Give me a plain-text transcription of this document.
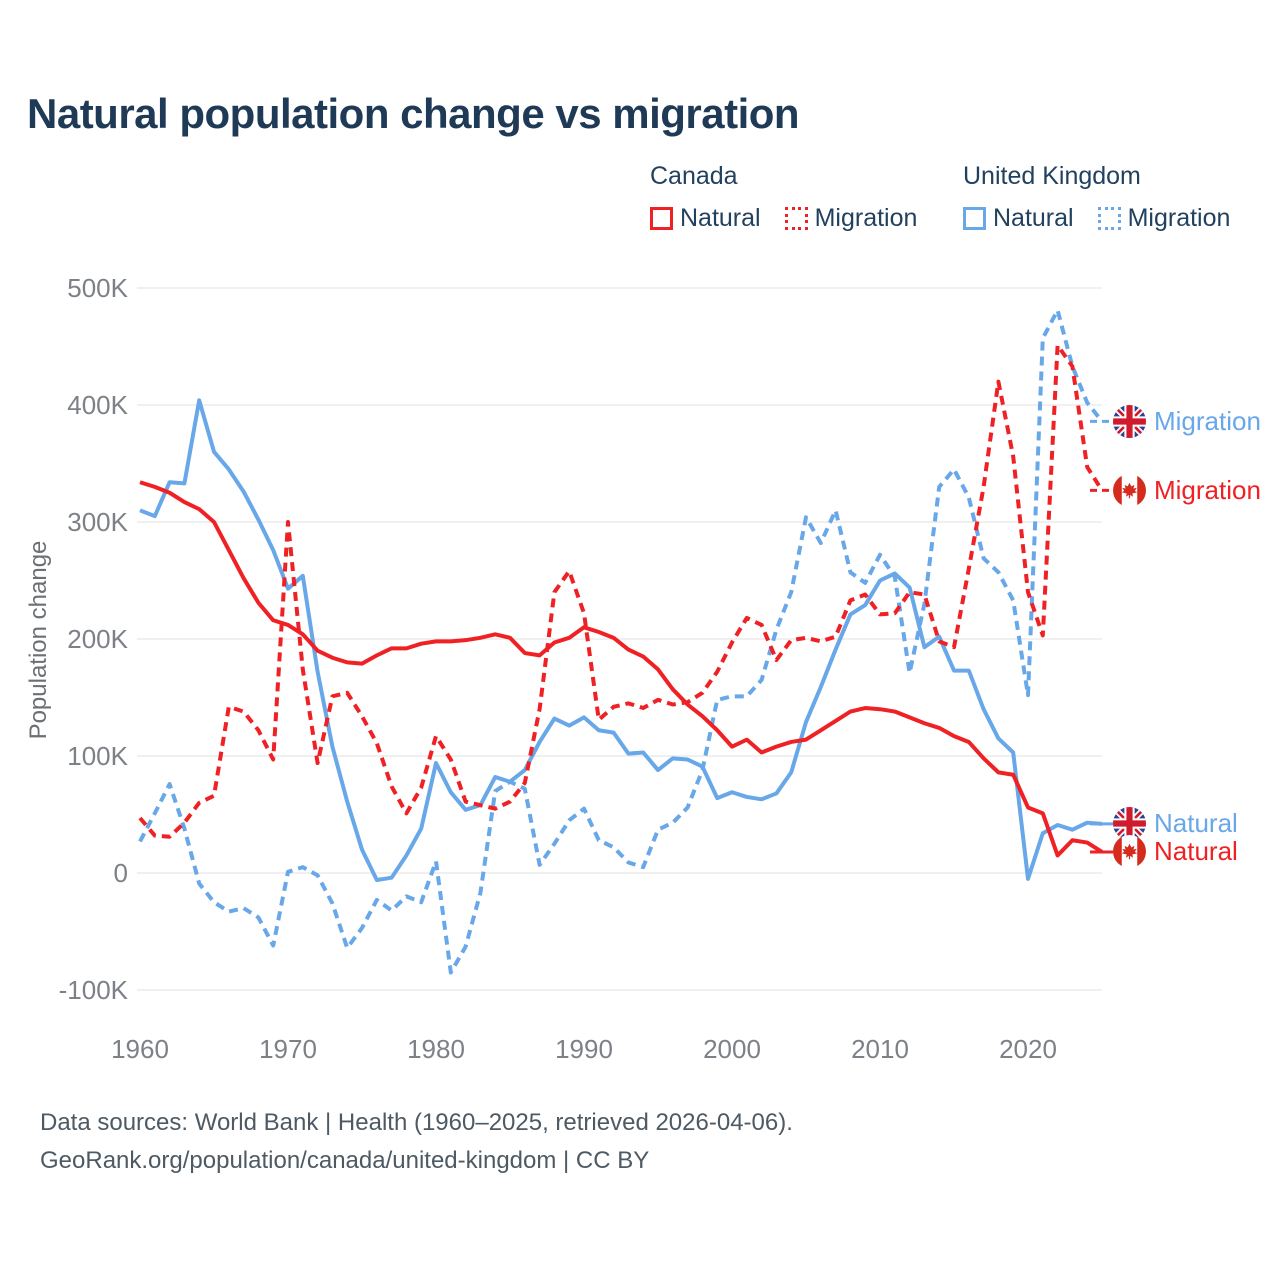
500K
400K
300K
200K
100K
0
-100K
1960	1970	1980	1990	2000	2010	2020
Population change
Natural population change vs migration
Canada
Natural Migration
United Kingdom
Natural Migration
Migration
Migration
Natural
Natural
Data sources: World Bank | Health (1960–2025, retrieved 2026-04-06).
GeoRank.org/population/canada/united-kingdom | CC BY
